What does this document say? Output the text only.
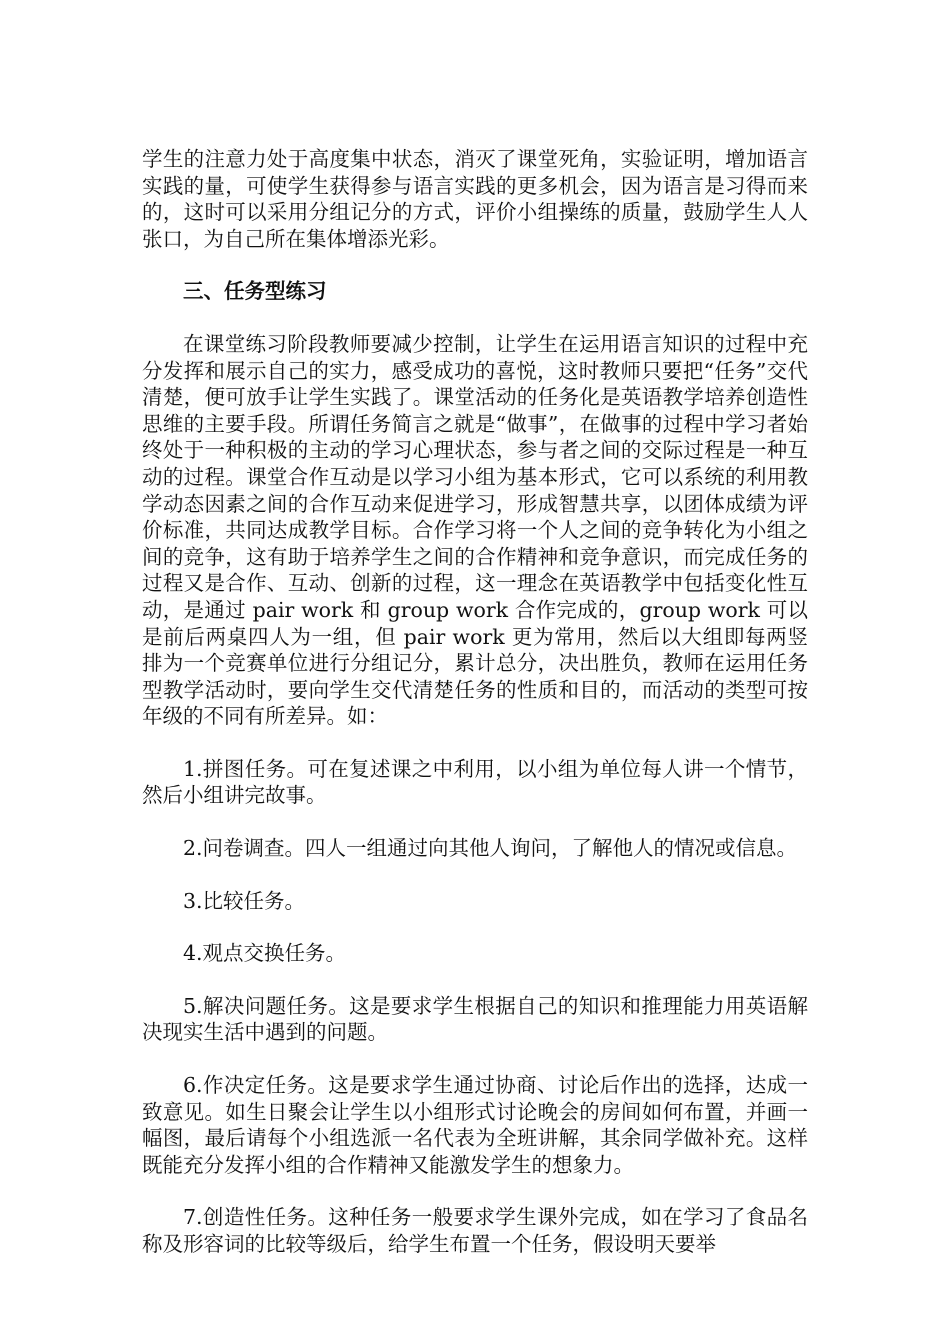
学生的注意力处于高度集中状态，消灭了课堂死角，实验证明，增加语言实践的量，可使学生获得参与语言实践的更多机会，因为语言是习得而来的，这时可以采用分组记分的方式，评价小组操练的质量，鼓励学生人人张口，为自己所在集体增添光彩。

三、任务型练习

在课堂练习阶段教师要减少控制，让学生在运用语言知识的过程中充分发挥和展示自己的实力，感受成功的喜悦，这时教师只要把“任务”交代清楚，便可放手让学生实践了。课堂活动的任务化是英语教学培养创造性思维的主要手段。所谓任务简言之就是“做事”，在做事的过程中学习者始终处于一种积极的主动的学习心理状态，参与者之间的交际过程是一种互动的过程。课堂合作互动是以学习小组为基本形式，它可以系统的利用教学动态因素之间的合作互动来促进学习，形成智慧共享，以团体成绩为评价标准，共同达成教学目标。合作学习将一个人之间的竞争转化为小组之间的竞争，这有助于培养学生之间的合作精神和竞争意识，而完成任务的过程又是合作、互动、创新的过程，这一理念在英语教学中包括变化性互动，是通过 pair work 和 group work 合作完成的，group work 可以是前后两桌四人为一组，但 pair work 更为常用，然后以大组即每两竖排为一个竞赛单位进行分组记分，累计总分，决出胜负，教师在运用任务型教学活动时，要向学生交代清楚任务的性质和目的，而活动的类型可按年级的不同有所差异。如：

1.拼图任务。可在复述课之中利用，以小组为单位每人讲一个情节，然后小组讲完故事。

2.问卷调查。四人一组通过向其他人询问，了解他人的情况或信息。

3.比较任务。

4.观点交换任务。

5.解决问题任务。这是要求学生根据自己的知识和推理能力用英语解决现实生活中遇到的问题。

6.作决定任务。这是要求学生通过协商、讨论后作出的选择，达成一致意见。如生日聚会让学生以小组形式讨论晚会的房间如何布置，并画一幅图，最后请每个小组选派一名代表为全班讲解，其余同学做补充。这样既能充分发挥小组的合作精神又能激发学生的想象力。

7.创造性任务。这种任务一般要求学生课外完成，如在学习了食品名称及形容词的比较等级后，给学生布置一个任务，假设明天要举
